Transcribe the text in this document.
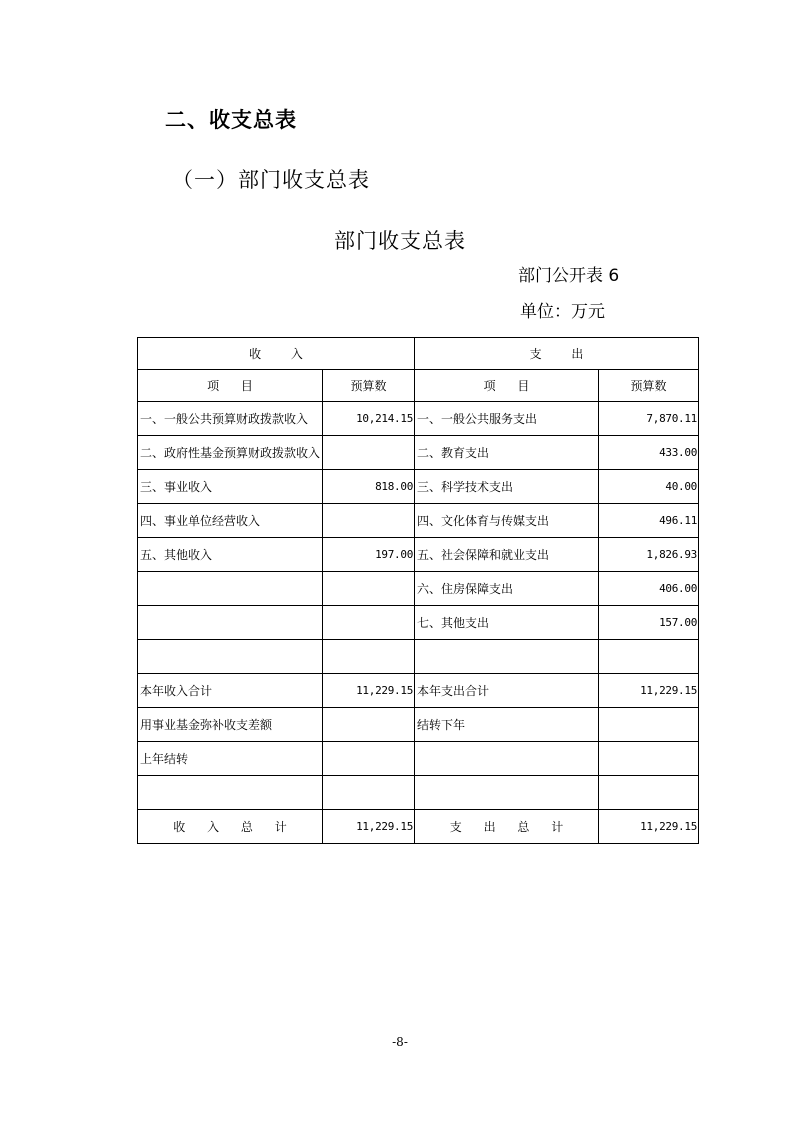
二、收支总表
（一）部门收支总表
部门收支总表
部门公开表 6
单位：万元
收 入		支 出	
项 目	预算数	项 目	预算数
一、一般公共预算财政拨款收入	10,214.15	一、一般公共服务支出	7,870.11
二、政府性基金预算财政拨款收入		二、教育支出	433.00
三、事业收入	818.00	三、科学技术支出	40.00
四、事业单位经营收入		四、文化体育与传媒支出	496.11
五、其他收入	197.00	五、社会保障和就业支出	1,826.93
		六、住房保障支出	406.00
		七、其他支出	157.00

本年收入合计	11,229.15	本年支出合计	11,229.15
用事业基金弥补收支差额		结转下年	
上年结转			

收 入 总 计	11,229.15	支 出 总 计	11,229.15
-8-
